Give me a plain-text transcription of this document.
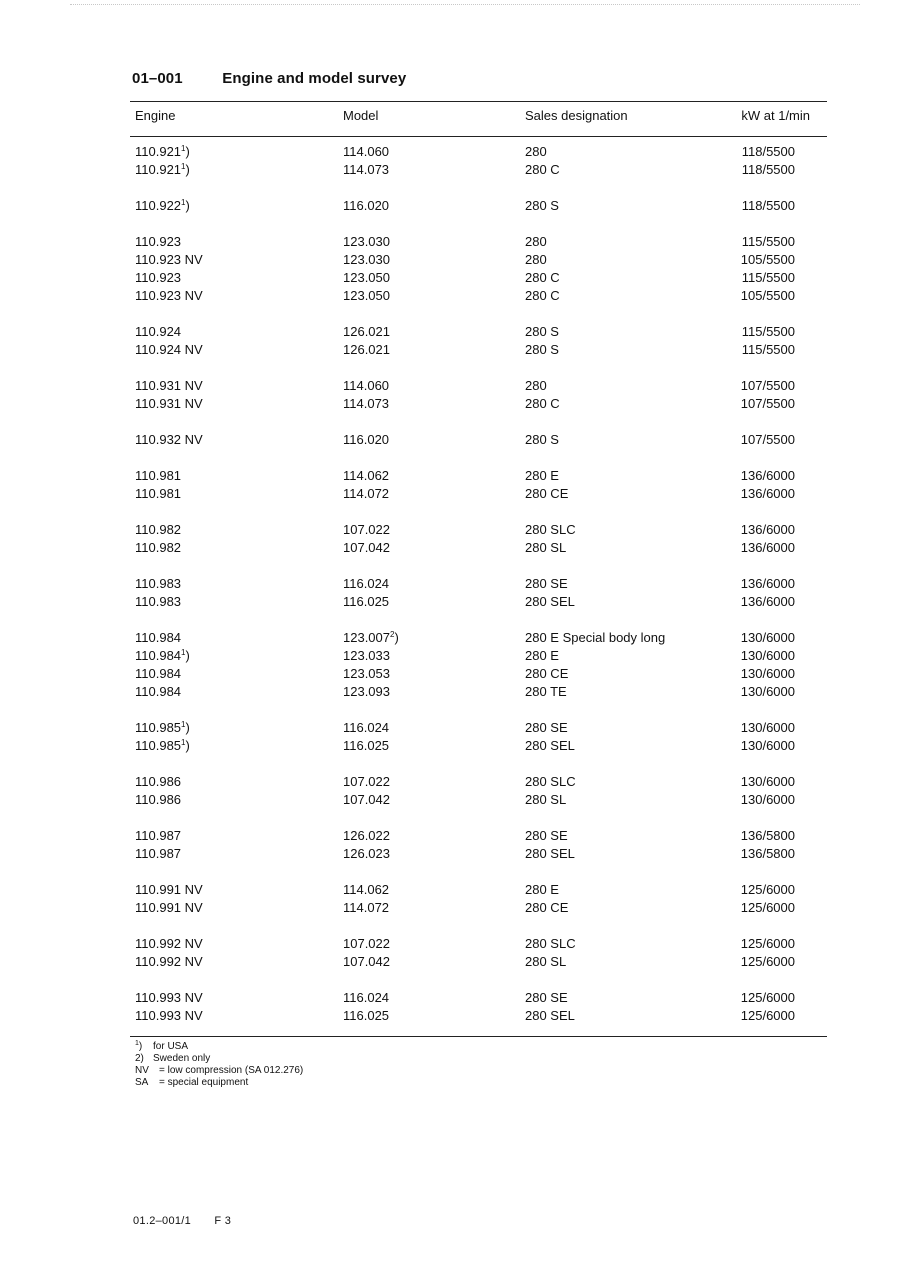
01–001	Engine and model survey
Engine	Model	Sales designation	kW at 1/min
110.921$^1$)	114.060	280	118/5500
110.921$^1$)	114.073	280 C	118/5500
110.922$^1$)	116.020	280 S	118/5500
110.923	123.030	280	115/5500
110.923 NV	123.030	280	105/5500
110.923	123.050	280 C	115/5500
110.923 NV	123.050	280 C	105/5500
110.924	126.021	280 S	115/5500
110.924 NV	126.021	280 S	115/5500
110.931 NV	114.060	280	107/5500
110.931 NV	114.073	280 C	107/5500
110.932 NV	116.020	280 S	107/5500
110.981	114.062	280 E	136/6000
110.981	114.072	280 CE	136/6000
110.982	107.022	280 SLC	136/6000
110.982	107.042	280 SL	136/6000
110.983	116.024	280 SE	136/6000
110.983	116.025	280 SEL	136/6000
110.984	123.007$^2$)	280 E Special body long	130/6000
110.984$^1$)	123.033	280 E	130/6000
110.984	123.053	280 CE	130/6000
110.984	123.093	280 TE	130/6000
110.985$^1$)	116.024	280 SE	130/6000
110.985$^1$)	116.025	280 SEL	130/6000
110.986	107.022	280 SLC	130/6000
110.986	107.042	280 SL	130/6000
110.987	126.022	280 SE	136/5800
110.987	126.023	280 SEL	136/5800
110.991 NV	114.062	280 E	125/6000
110.991 NV	114.072	280 CE	125/6000
110.992 NV	107.022	280 SLC	125/6000
110.992 NV	107.042	280 SL	125/6000
110.993 NV	116.024	280 SE	125/6000
110.993 NV	116.025	280 SEL	125/6000
$^1$) for USA
2) Sweden only
NV = low compression (SA 012.276)
SA = special equipment
01.2–001/1 F 3
